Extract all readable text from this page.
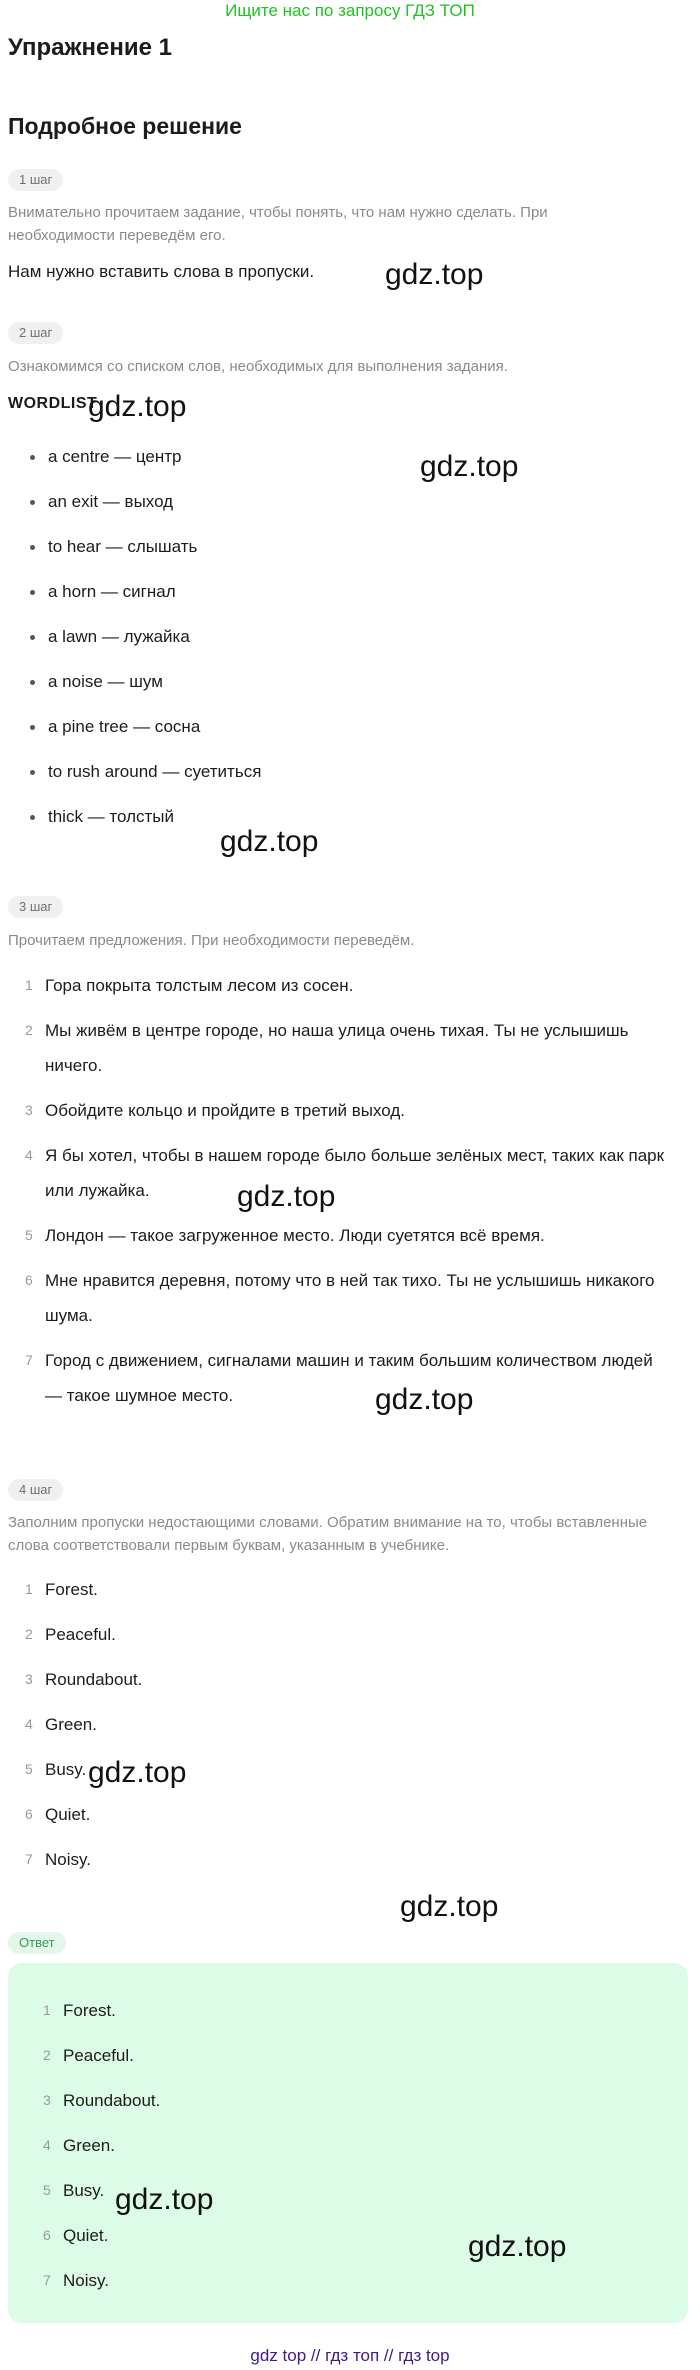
Ищите нас по запросу ГДЗ ТОП
Упражнение 1
Подробное решение
1 шаг
Внимательно прочитаем задание, чтобы понять, что нам нужно сделать. При необходимости переведём его.
Нам нужно вставить слова в пропуски.
2 шаг
Ознакомимся со списком слов, необходимых для выполнения задания.
WORDLIST
a centre — центр
an exit — выход
to hear — слышать
a horn — сигнал
a lawn — лужайка
a noise — шум
a pine tree — сосна
to rush around — суетиться
thick — толстый
3 шаг
Прочитаем предложения. При необходимости переведём.
1 Гора покрыта толстым лесом из сосен.
2 Мы живём в центре городе, но наша улица очень тихая. Ты не услышишь ничего.
3 Обойдите кольцо и пройдите в третий выход.
4 Я бы хотел, чтобы в нашем городе было больше зелёных мест, таких как парк или лужайка.
5 Лондон — такое загруженное место. Люди суетятся всё время.
6 Мне нравится деревня, потому что в ней так тихо. Ты не услышишь никакого шума.
7 Город с движением, сигналами машин и таким большим количеством людей — такое шумное место.
4 шаг
Заполним пропуски недостающими словами. Обратим внимание на то, чтобы вставленные слова соответствовали первым буквам, указанным в учебнике.
1 Forest.
2 Peaceful.
3 Roundabout.
4 Green.
5 Busy.
6 Quiet.
7 Noisy.
Ответ
1 Forest.
2 Peaceful.
3 Roundabout.
4 Green.
5 Busy.
6 Quiet.
7 Noisy.
gdz.top
gdz.top
gdz.top
gdz.top
gdz.top
gdz.top
gdz.top
gdz.top
gdz.top
gdz.top
gdz top // гдз топ // гдз top
